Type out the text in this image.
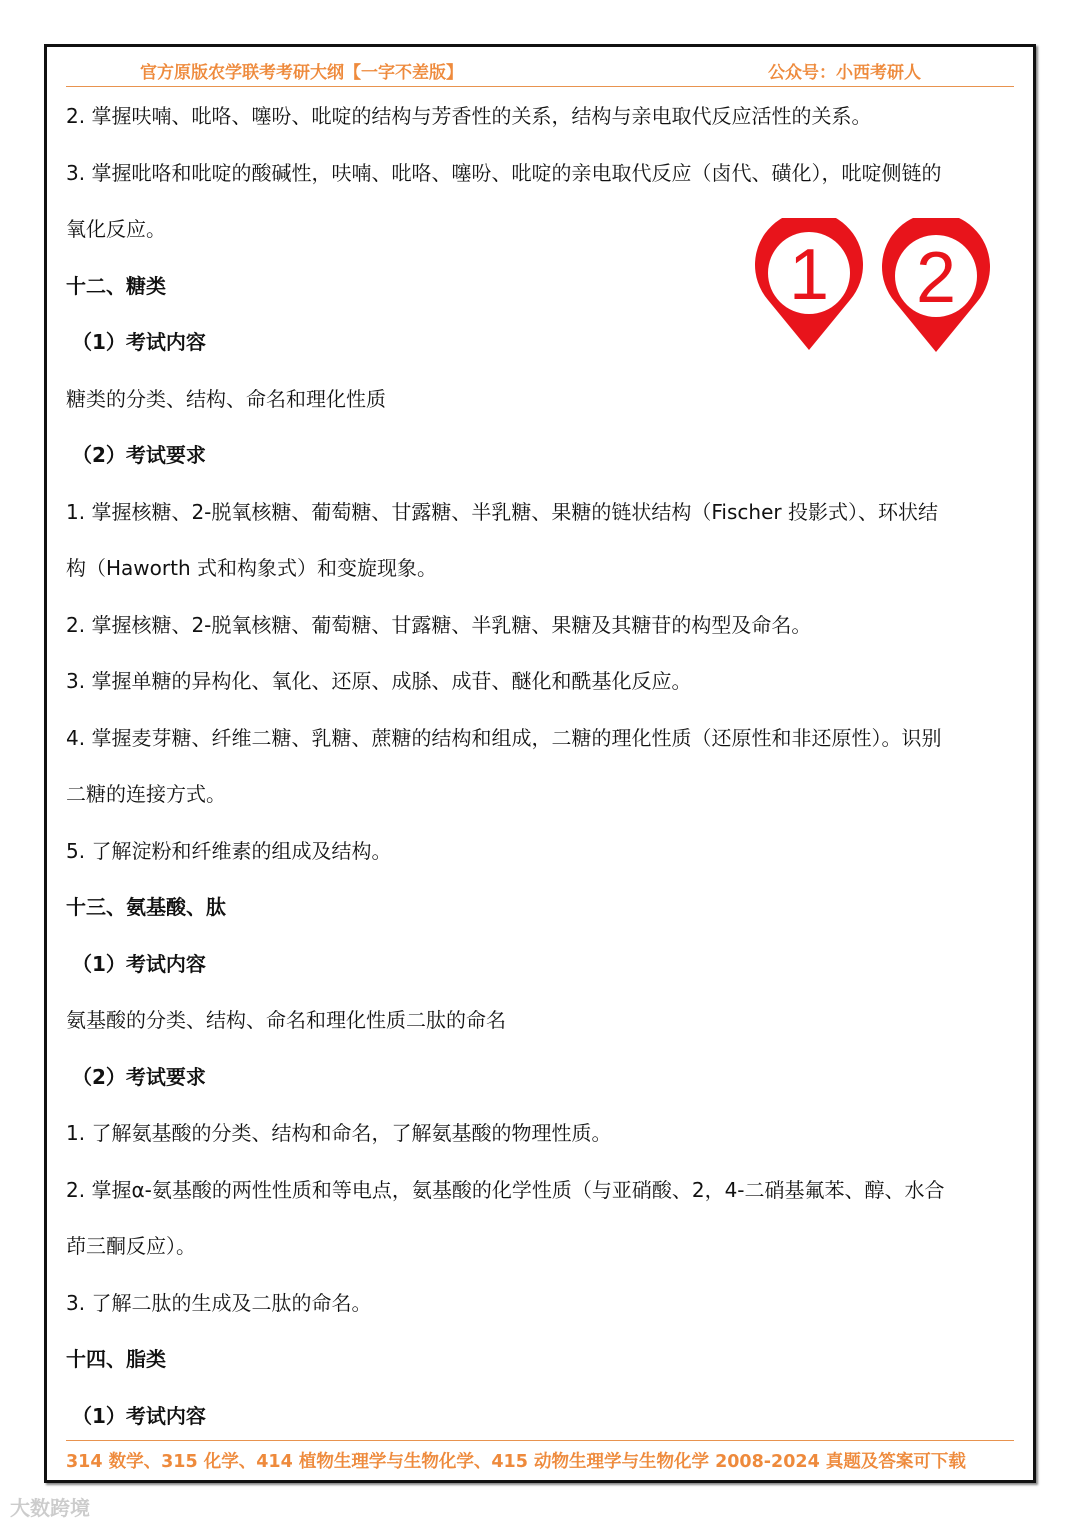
官方原版农学联考考研大纲【一字不差版】	公众号：小西考研人
2. 掌握呋喃、吡咯、噻吩、吡啶的结构与芳香性的关系，结构与亲电取代反应活性的关系。
3. 掌握吡咯和吡啶的酸碱性，呋喃、吡咯、噻吩、吡啶的亲电取代反应（卤代、磺化），吡啶侧链的
氧化反应。
十二、糖类
（1）考试内容
糖类的分类、结构、命名和理化性质
（2）考试要求
1. 掌握核糖、2-脱氧核糖、葡萄糖、甘露糖、半乳糖、果糖的链状结构（Fischer 投影式）、环状结
构（Haworth 式和构象式）和变旋现象。
2. 掌握核糖、2-脱氧核糖、葡萄糖、甘露糖、半乳糖、果糖及其糖苷的构型及命名。
3. 掌握单糖的异构化、氧化、还原、成脎、成苷、醚化和酰基化反应。
4. 掌握麦芽糖、纤维二糖、乳糖、蔗糖的结构和组成，二糖的理化性质（还原性和非还原性）。识别
二糖的连接方式。
5. 了解淀粉和纤维素的组成及结构。
十三、氨基酸、肽
（1）考试内容
氨基酸的分类、结构、命名和理化性质二肽的命名
（2）考试要求
1. 了解氨基酸的分类、结构和命名，了解氨基酸的物理性质。
2. 掌握α-氨基酸的两性性质和等电点，氨基酸的化学性质（与亚硝酸、2，4-二硝基氟苯、醇、水合
茚三酮反应）。
3. 了解二肽的生成及二肽的命名。
十四、脂类
（1）考试内容
1 2
314 数学、315 化学、414 植物生理学与生物化学、415 动物生理学与生物化学 2008-2024 真题及答案可下载
大数跨境
